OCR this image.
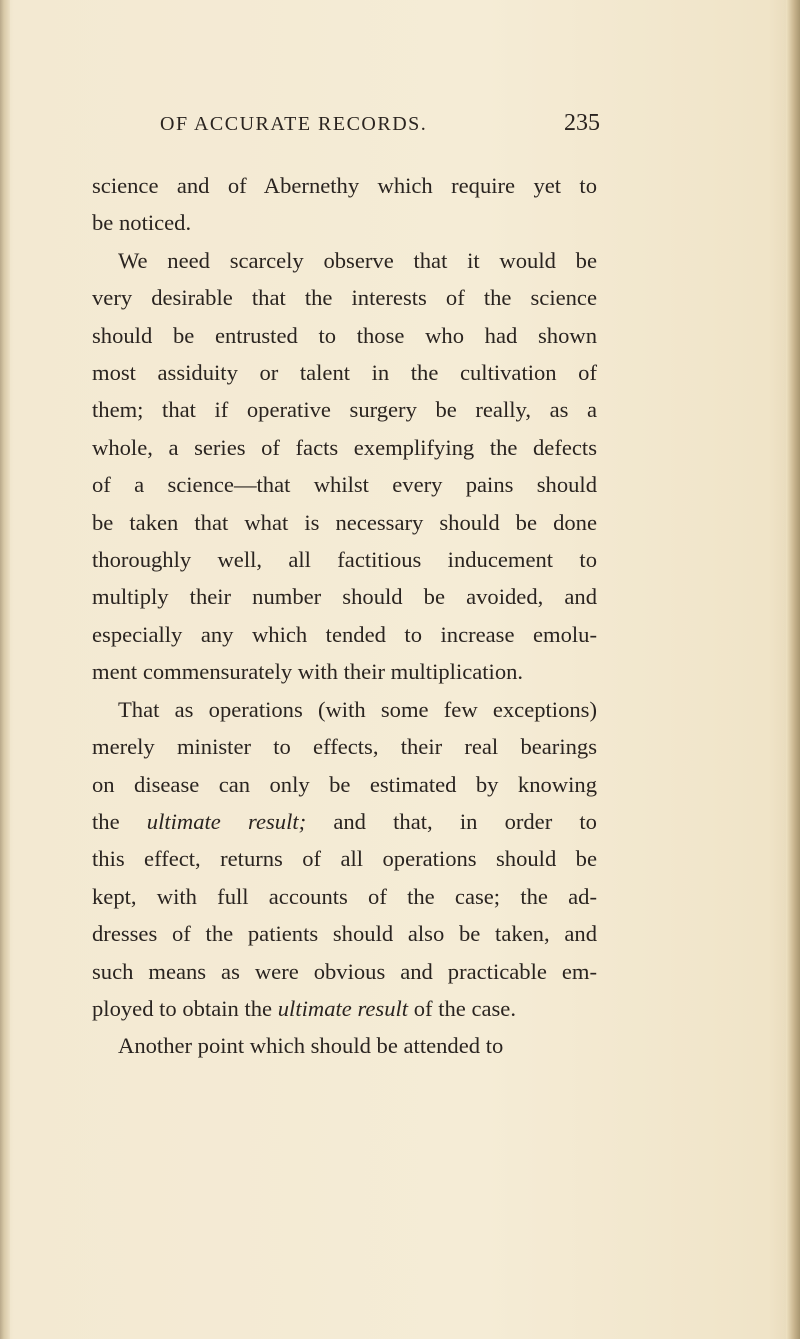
OF ACCURATE RECORDS.	235
science and of Abernethy which require yet to
be noticed.
We need scarcely observe that it would be
very desirable that the interests of the science
should be entrusted to those who had shown
most assiduity or talent in the cultivation of
them; that if operative surgery be really, as a
whole, a series of facts exemplifying the defects
of a science—that whilst every pains should
be taken that what is necessary should be done
thoroughly well, all factitious inducement to
multiply their number should be avoided, and
especially any which tended to increase emolu-
ment commensurately with their multiplication.
That as operations (with some few exceptions)
merely minister to effects, their real bearings
on disease can only be estimated by knowing
the ultimate result; and that, in order to
this effect, returns of all operations should be
kept, with full accounts of the case; the ad-
dresses of the patients should also be taken, and
such means as were obvious and practicable em-
ployed to obtain the ultimate result of the case.
Another point which should be attended to
